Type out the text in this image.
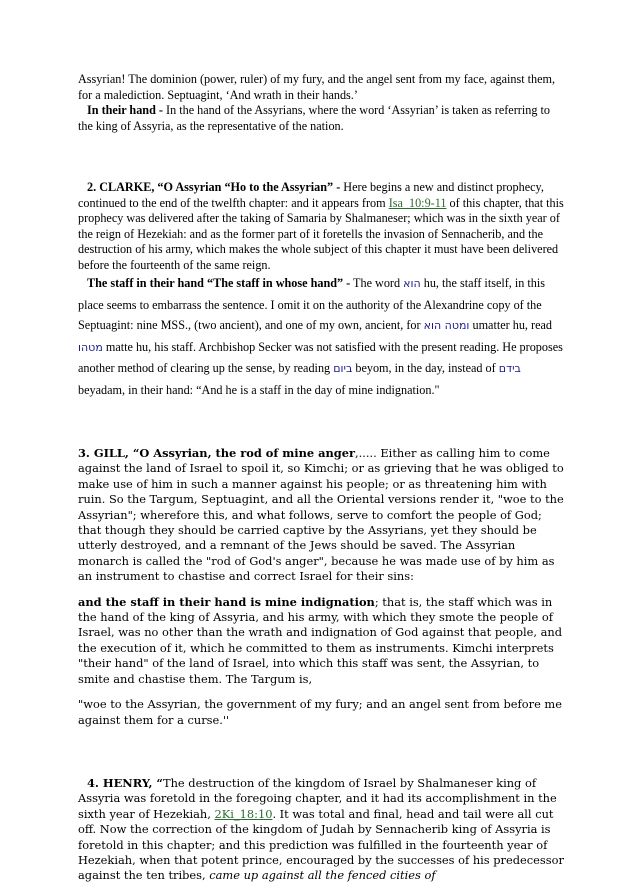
Assyrian! The dominion (power, ruler) of my fury, and the angel sent from my face, against them, for a malediction. Septuagint, ‘And wrath in their hands.’

In their hand - In the hand of the Assyrians, where the word ‘Assyrian’ is taken as referring to the king of Assyria, as the representative of the nation.

2. CLARKE, “O Assyrian “Ho to the Assyrian” - Here begins a new and distinct prophecy, continued to the end of the twelfth chapter: and it appears from Isa_10:9-11 of this chapter, that this prophecy was delivered after the taking of Samaria by Shalmaneser; which was in the sixth year of the reign of Hezekiah: and as the former part of it foretells the invasion of Sennacherib, and the destruction of his army, which makes the whole subject of this chapter it must have been delivered before the fourteenth of the same reign.

The staff in their hand “The staff in whose hand” - The word הוא hu, the staff itself, in this place seems to embarrass the sentence. I omit it on the authority of the Alexandrine copy of the Septuagint: nine MSS., (two ancient), and one of my own, ancient, for ומטה הוא umatter hu, read מטהו matte hu, his staff. Archbishop Secker was not satisfied with the present reading. He proposes another method of clearing up the sense, by reading ביום beyom, in the day, instead of בידם beyadam, in their hand: “And he is a staff in the day of mine indignation."

3. GILL, “O Assyrian, the rod of mine anger,..... Either as calling him to come against the land of Israel to spoil it, so Kimchi; or as grieving that he was obliged to make use of him in such a manner against his people; or as threatening him with ruin. So the Targum, Septuagint, and all the Oriental versions render it, "woe to the Assyrian"; wherefore this, and what follows, serve to comfort the people of God; that though they should be carried captive by the Assyrians, yet they should be utterly destroyed, and a remnant of the Jews should be saved. The Assyrian monarch is called the "rod of God's anger", because he was made use of by him as an instrument to chastise and correct Israel for their sins:

and the staff in their hand is mine indignation; that is, the staff which was in the hand of the king of Assyria, and his army, with which they smote the people of Israel, was no other than the wrath and indignation of God against that people, and the execution of it, which he committed to them as instruments. Kimchi interprets "their hand" of the land of Israel, into which this staff was sent, the Assyrian, to smite and chastise them. The Targum is,

"woe to the Assyrian, the government of my fury; and an angel sent from before me against them for a curse.''

4. HENRY, “The destruction of the kingdom of Israel by Shalmaneser king of Assyria was foretold in the foregoing chapter, and it had its accomplishment in the sixth year of Hezekiah, 2Ki_18:10. It was total and final, head and tail were all cut off. Now the correction of the kingdom of Judah by Sennacherib king of Assyria is foretold in this chapter; and this prediction was fulfilled in the fourteenth year of Hezekiah, when that potent prince, encouraged by the successes of his predecessor against the ten tribes, came up against all the fenced cities of
